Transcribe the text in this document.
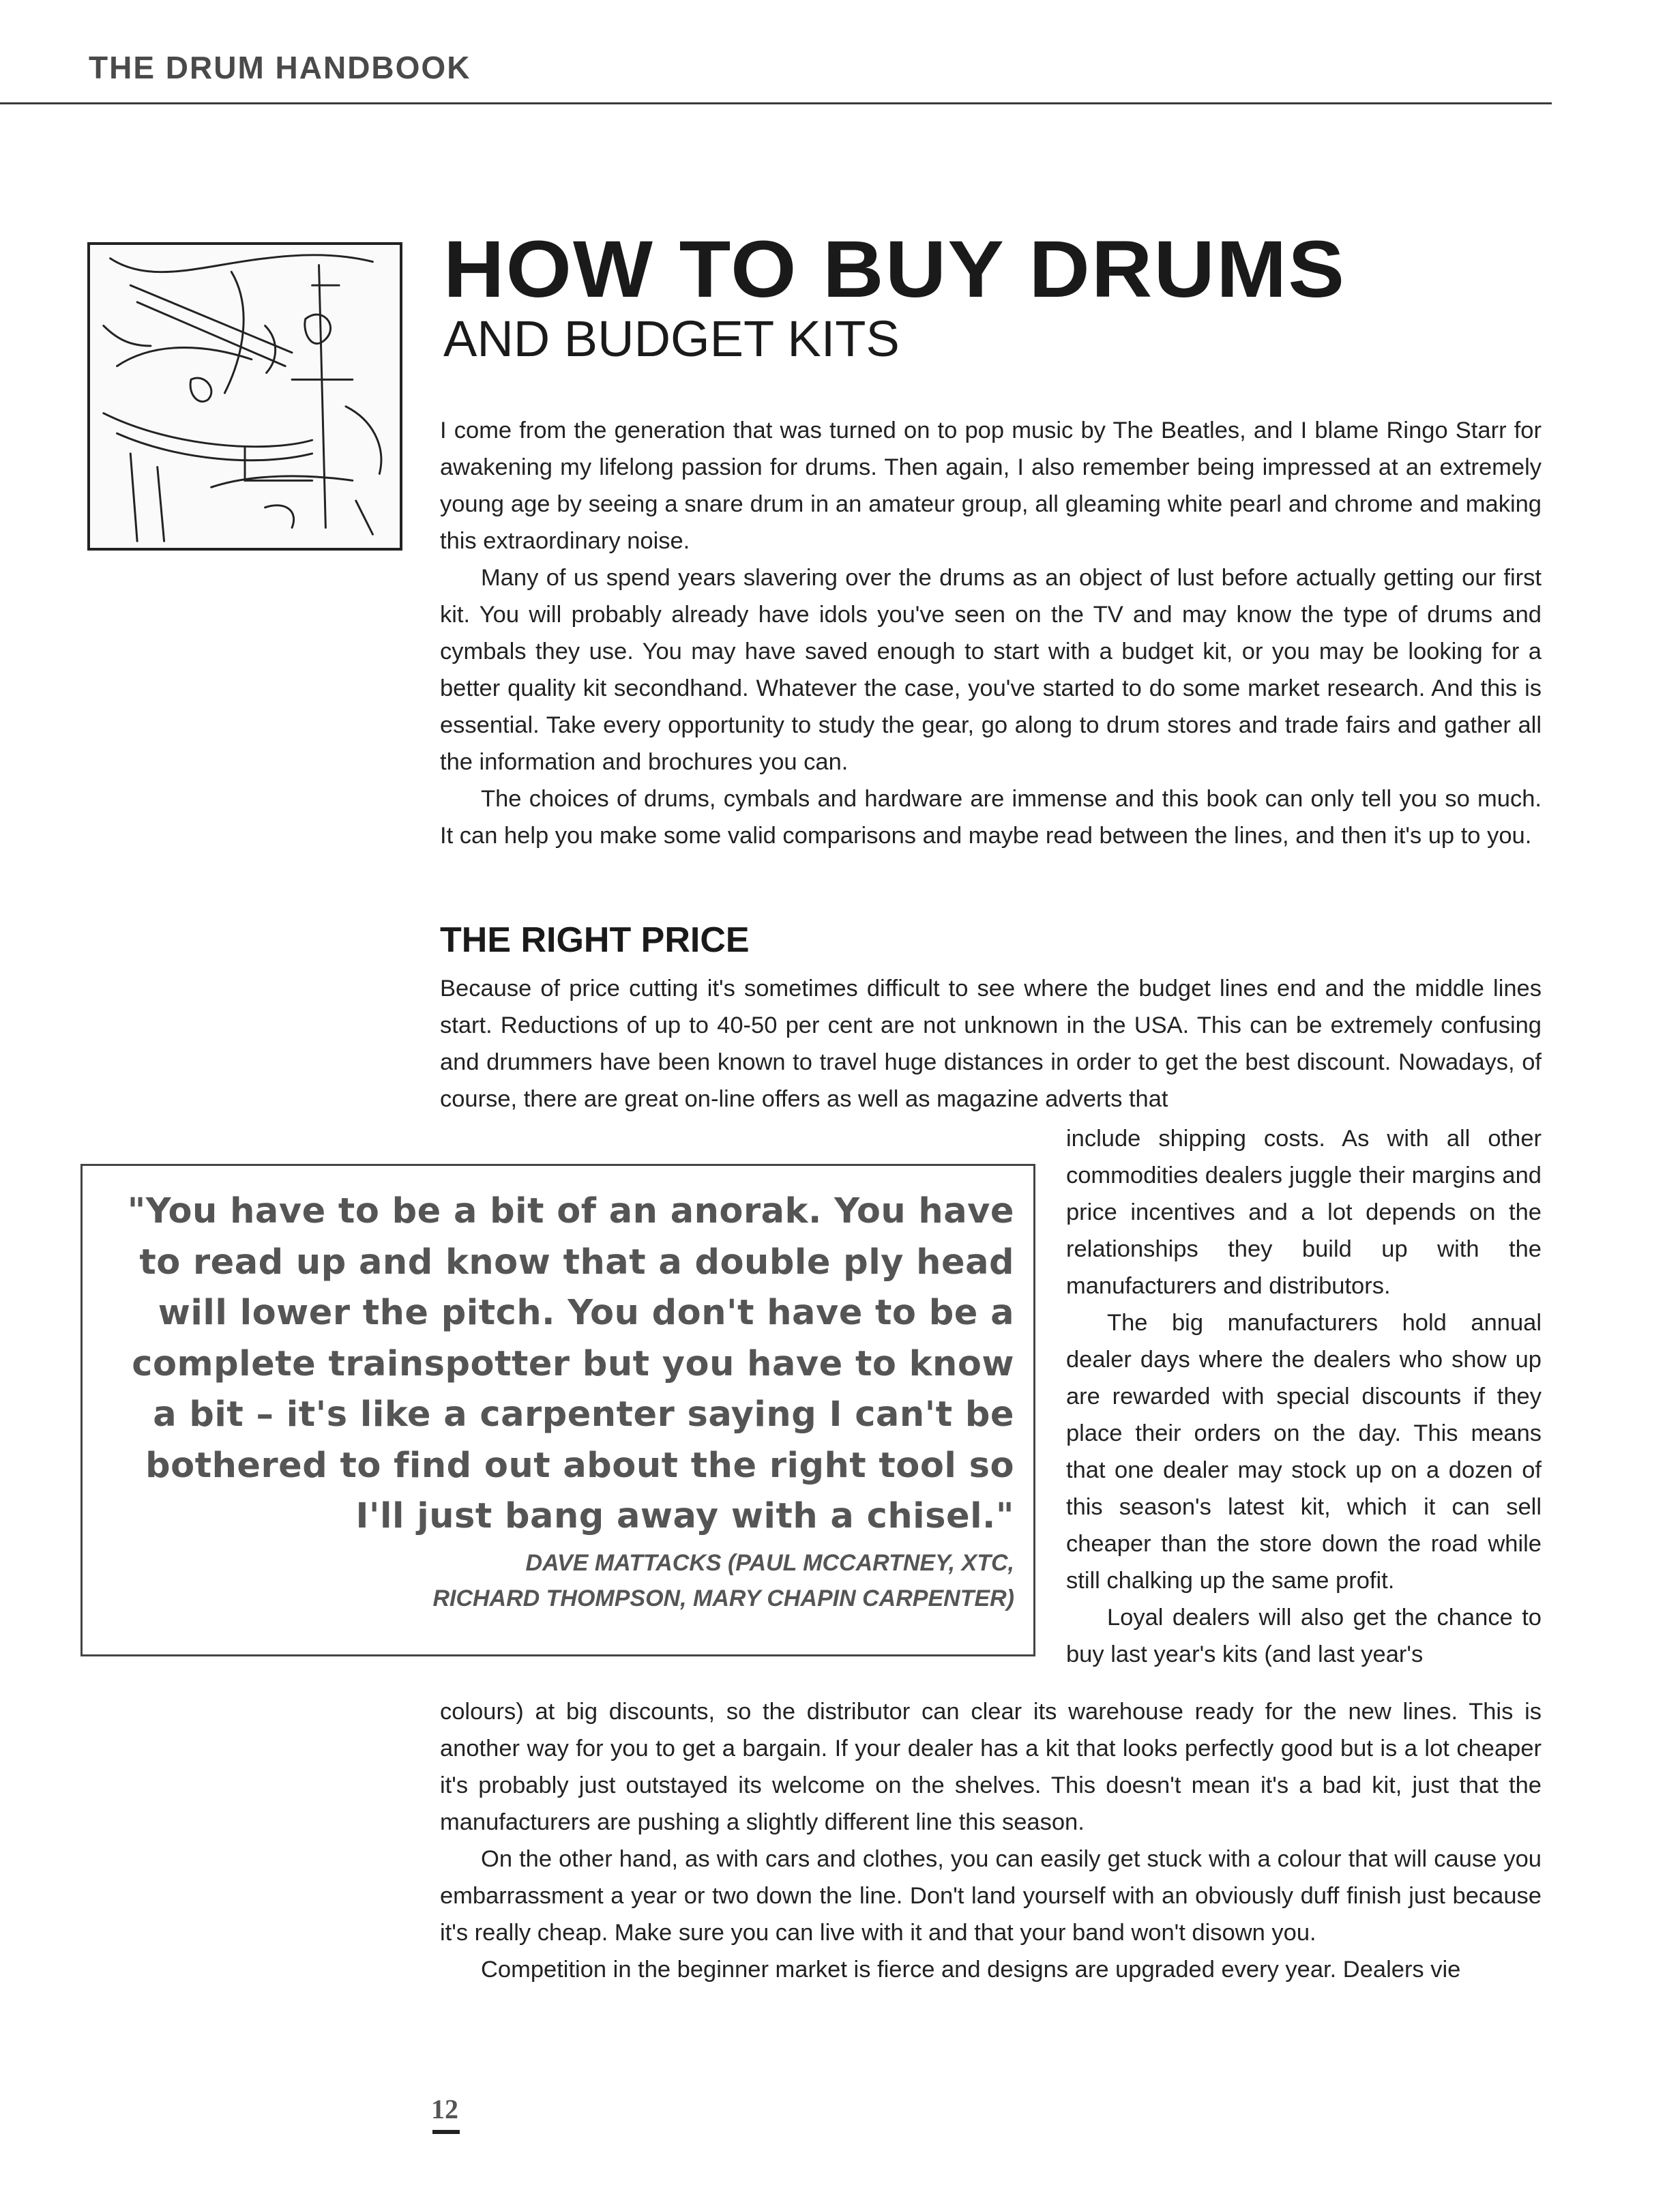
THE DRUM HANDBOOK
HOW TO BUY DRUMS
AND BUDGET KITS

I come from the generation that was turned on to pop music by The Beatles, and I blame Ringo Starr for awakening my lifelong passion for drums. Then again, I also remember being impressed at an extremely young age by seeing a snare drum in an amateur group, all gleaming white pearl and chrome and making this extraordinary noise.

Many of us spend years slavering over the drums as an object of lust before actually getting our first kit. You will probably already have idols you've seen on the TV and may know the type of drums and cymbals they use. You may have saved enough to start with a budget kit, or you may be looking for a better quality kit secondhand. Whatever the case, you've started to do some market research. And this is essential. Take every opportunity to study the gear, go along to drum stores and trade fairs and gather all the information and brochures you can.

The choices of drums, cymbals and hardware are immense and this book can only tell you so much. It can help you make some valid comparisons and maybe read between the lines, and then it's up to you.

THE RIGHT PRICE

Because of price cutting it's sometimes difficult to see where the budget lines end and the middle lines start. Reductions of up to 40-50 per cent are not unknown in the USA. This can be extremely confusing and drummers have been known to travel huge distances in order to get the best discount. Nowadays, of course, there are great on-line offers as well as magazine adverts that

include shipping costs. As with all other commodities dealers juggle their margins and price incentives and a lot depends on the relationships they build up with the manufacturers and distributors.

The big manufacturers hold annual dealer days where the dealers who show up are rewarded with special discounts if they place their orders on the day. This means that one dealer may stock up on a dozen of this season's latest kit, which it can sell cheaper than the store down the road while still chalking up the same profit.

Loyal dealers will also get the chance to buy last year's kits (and last year's

"You have to be a bit of an anorak. You have to read up and know that a double ply head will lower the pitch. You don't have to be a complete trainspotter but you have to know a bit – it's like a carpenter saying I can't be bothered to find out about the right tool so I'll just bang away with a chisel."
DAVE MATTACKS (PAUL MCCARTNEY, XTC,
RICHARD THOMPSON, MARY CHAPIN CARPENTER)

colours) at big discounts, so the distributor can clear its warehouse ready for the new lines. This is another way for you to get a bargain. If your dealer has a kit that looks perfectly good but is a lot cheaper it's probably just outstayed its welcome on the shelves. This doesn't mean it's a bad kit, just that the manufacturers are pushing a slightly different line this season.

On the other hand, as with cars and clothes, you can easily get stuck with a colour that will cause you embarrassment a year or two down the line. Don't land yourself with an obviously duff finish just because it's really cheap. Make sure you can live with it and that your band won't disown you.

Competition in the beginner market is fierce and designs are upgraded every year. Dealers vie

12
